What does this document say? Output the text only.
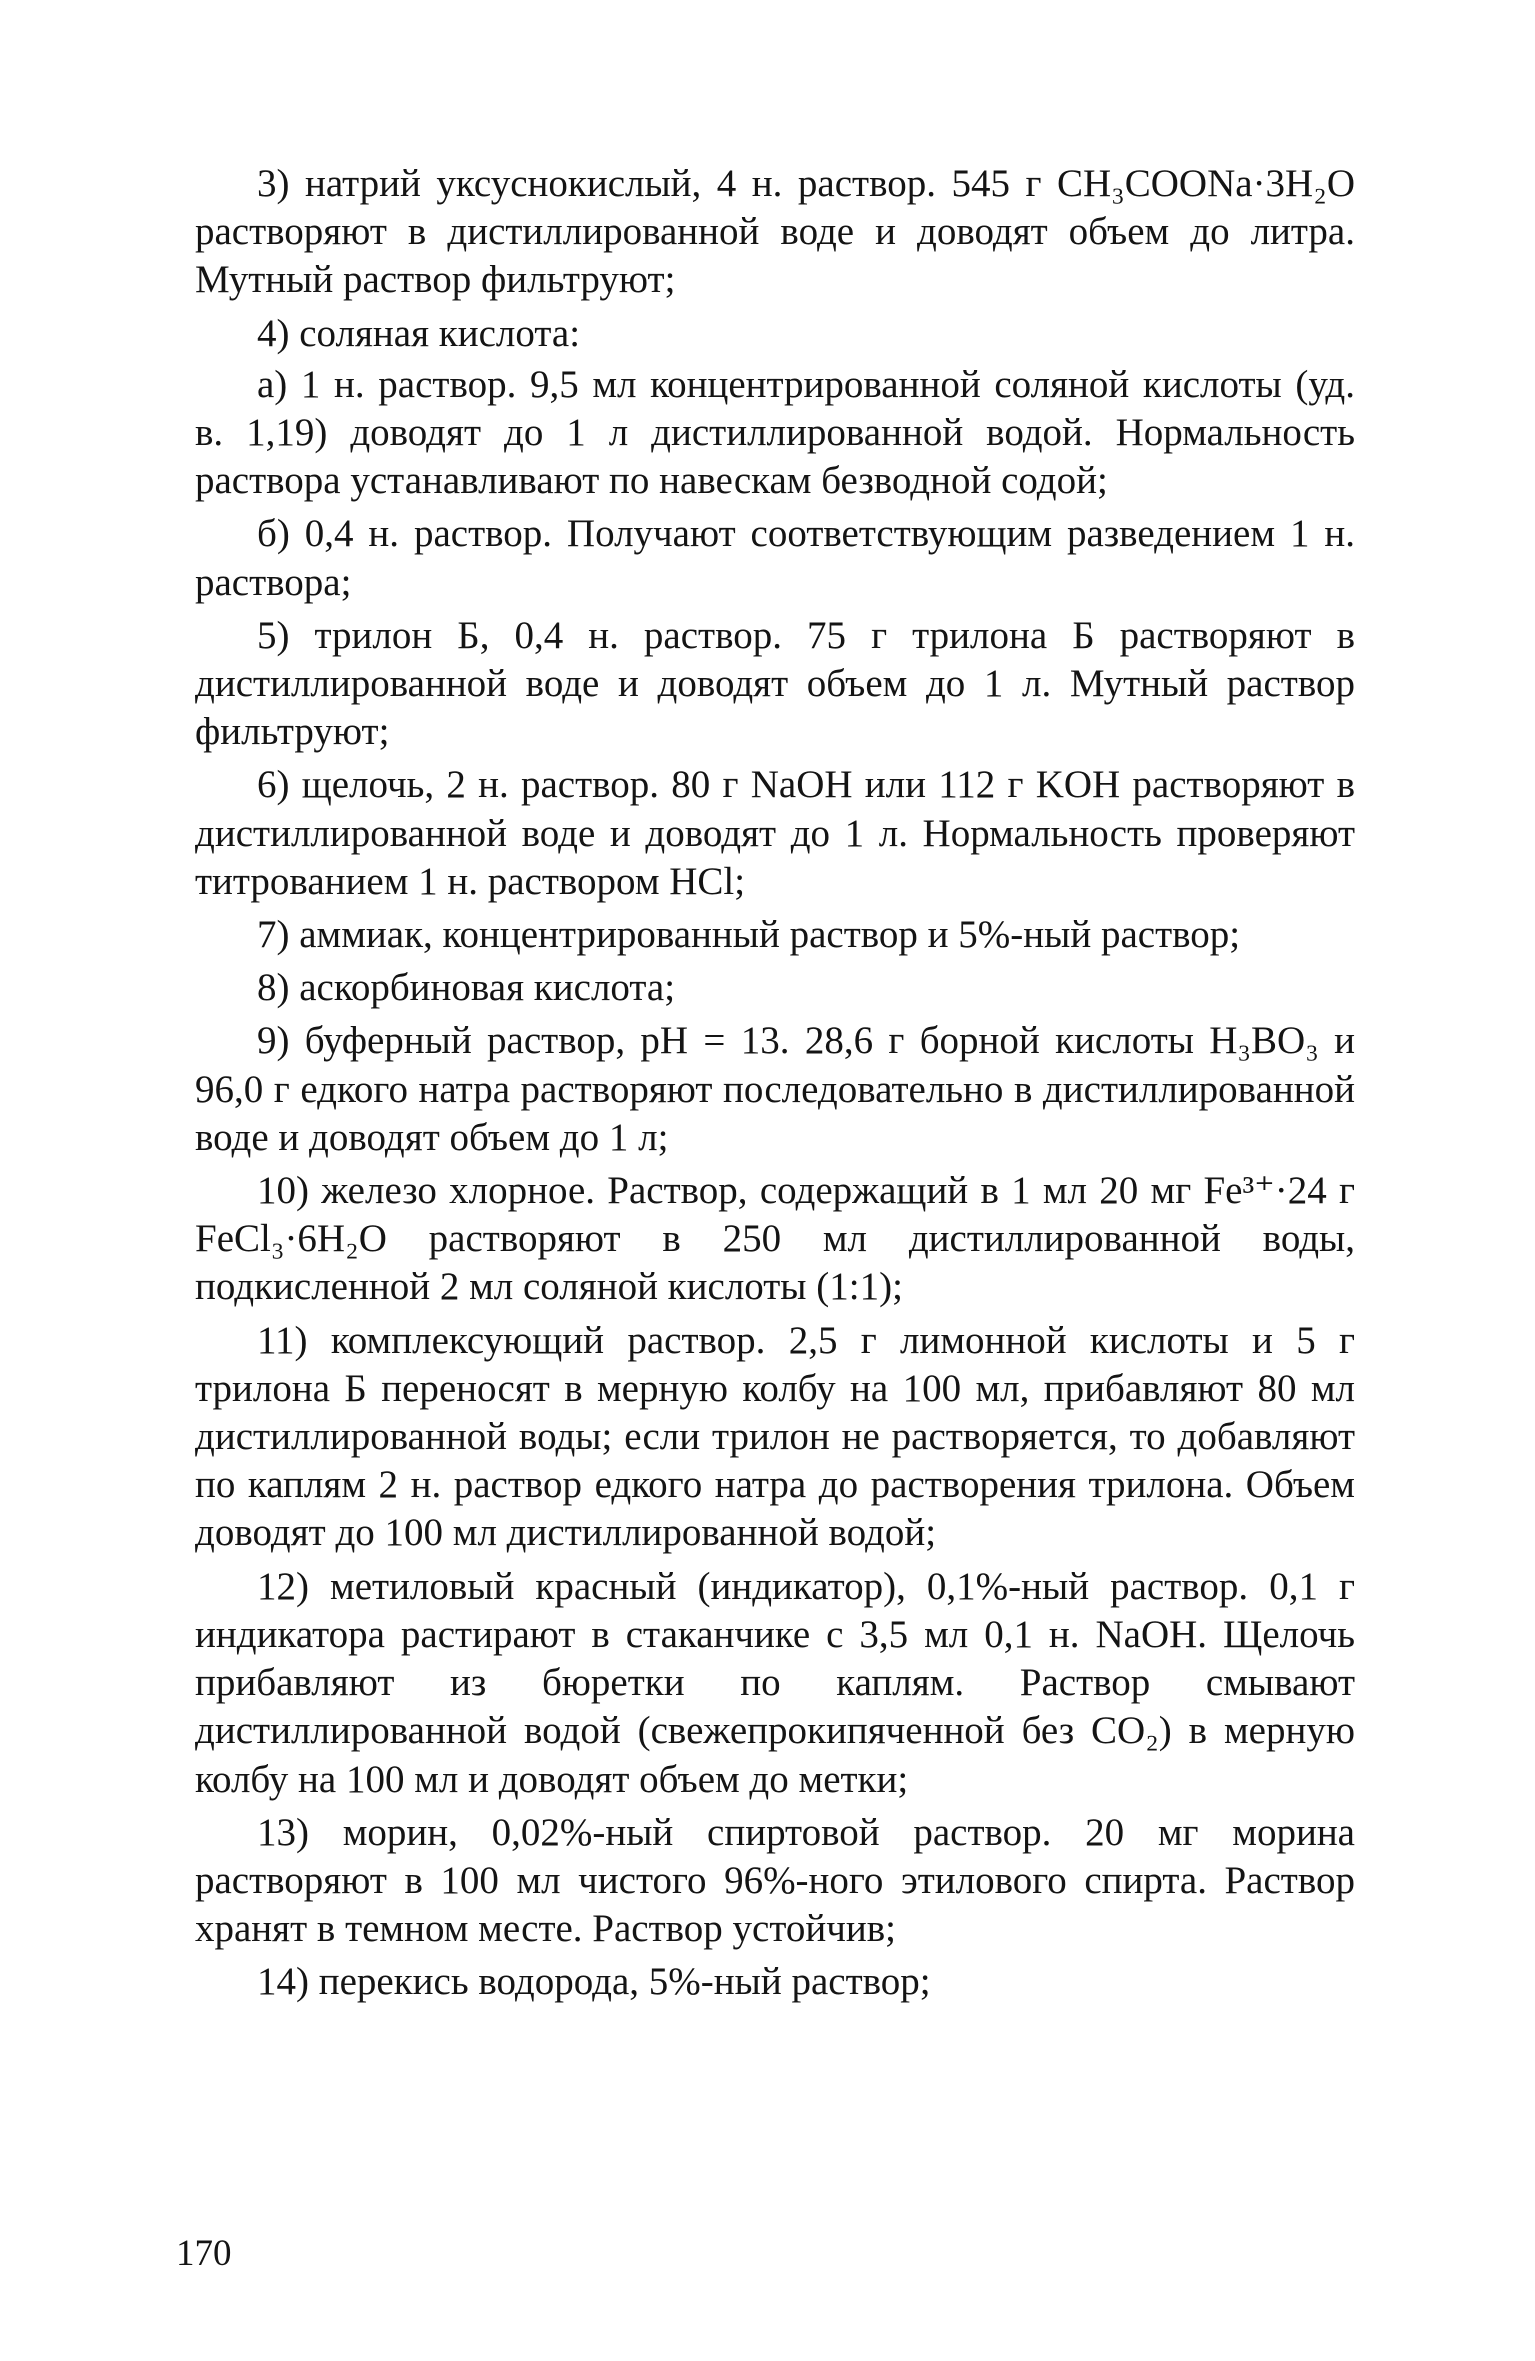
3) натрий уксуснокислый, 4 н. раствор. 545 г CH₃COONa·3H₂O растворяют в дистиллированной воде и доводят объем до литра. Мутный раствор фильтруют;

4) соляная кислота:

а) 1 н. раствор. 9,5 мл концентрированной соляной кислоты (уд. в. 1,19) доводят до 1 л дистиллированной водой. Нормальность раствора устанавливают по навескам безводной содой;

б) 0,4 н. раствор. Получают соответствующим разведением 1 н. раствора;

5) трилон Б, 0,4 н. раствор. 75 г трилона Б растворяют в дистиллированной воде и доводят объем до 1 л. Мутный раствор фильтруют;

6) щелочь, 2 н. раствор. 80 г NaOH или 112 г KOH растворяют в дистиллированной воде и доводят до 1 л. Нормальность проверяют титрованием 1 н. раствором HCl;

7) аммиак, концентрированный раствор и 5%-ный раствор;

8) аскорбиновая кислота;

9) буферный раствор, pH = 13. 28,6 г борной кислоты H₃BO₃ и 96,0 г едкого натра растворяют последовательно в дистиллированной воде и доводят объем до 1 л;

10) железо хлорное. Раствор, содержащий в 1 мл 20 мг Fe³⁺·24 г FeCl₃·6H₂O растворяют в 250 мл дистиллированной воды, подкисленной 2 мл соляной кислоты (1:1);

11) комплексующий раствор. 2,5 г лимонной кислоты и 5 г трилона Б переносят в мерную колбу на 100 мл, прибавляют 80 мл дистиллированной воды; если трилон не растворяется, то добавляют по каплям 2 н. раствор едкого натра до растворения трилона. Объем доводят до 100 мл дистиллированной водой;

12) метиловый красный (индикатор), 0,1%-ный раствор. 0,1 г индикатора растирают в стаканчике с 3,5 мл 0,1 н. NaOH. Щелочь прибавляют из бюретки по каплям. Раствор смывают дистиллированной водой (свежепрокипяченной без CO₂) в мерную колбу на 100 мл и доводят объем до метки;

13) морин, 0,02%-ный спиртовой раствор. 20 мг морина растворяют в 100 мл чистого 96%-ного этилового спирта. Раствор хранят в темном месте. Раствор устойчив;

14) перекись водорода, 5%-ный раствор;

170
